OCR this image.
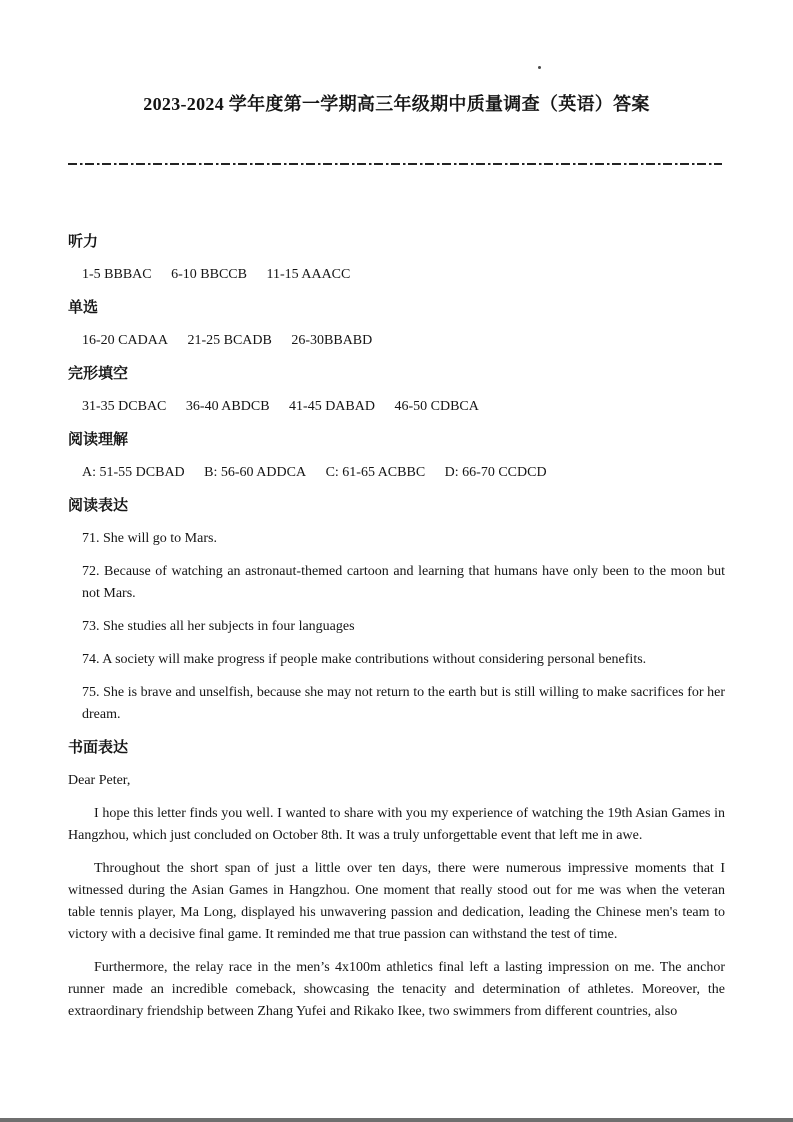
2023-2024 学年度第一学期高三年级期中质量调查（英语）答案
听力

1-5 BBBAC 6-10 BBCCB 11-15 AAACC

单选

16-20 CADAA 21-25 BCADB 26-30BBABD

完形填空

31-35 DCBAC 36-40 ABDCB 41-45 DABAD 46-50 CDBCA

阅读理解

A: 51-55 DCBAD B: 56-60 ADDCA C: 61-65 ACBBC D: 66-70 CCDCD

阅读表达

71. She will go to Mars.

72. Because of watching an astronaut-themed cartoon and learning that humans have only been to the moon but not Mars.

73. She studies all her subjects in four languages

74. A society will make progress if people make contributions without considering personal benefits.

75. She is brave and unselfish, because she may not return to the earth but is still willing to make sacrifices for her dream.

书面表达

Dear Peter,

I hope this letter finds you well. I wanted to share with you my experience of watching the 19th Asian Games in Hangzhou, which just concluded on October 8th. It was a truly unforgettable event that left me in awe.

Throughout the short span of just a little over ten days, there were numerous impressive moments that I witnessed during the Asian Games in Hangzhou. One moment that really stood out for me was when the veteran table tennis player, Ma Long, displayed his unwavering passion and dedication, leading the Chinese men's team to victory with a decisive final game. It reminded me that true passion can withstand the test of time.

Furthermore, the relay race in the men’s 4x100m athletics final left a lasting impression on me. The anchor runner made an incredible comeback, showcasing the tenacity and determination of athletes. Moreover, the extraordinary friendship between Zhang Yufei and Rikako Ikee, two swimmers from different countries, also
